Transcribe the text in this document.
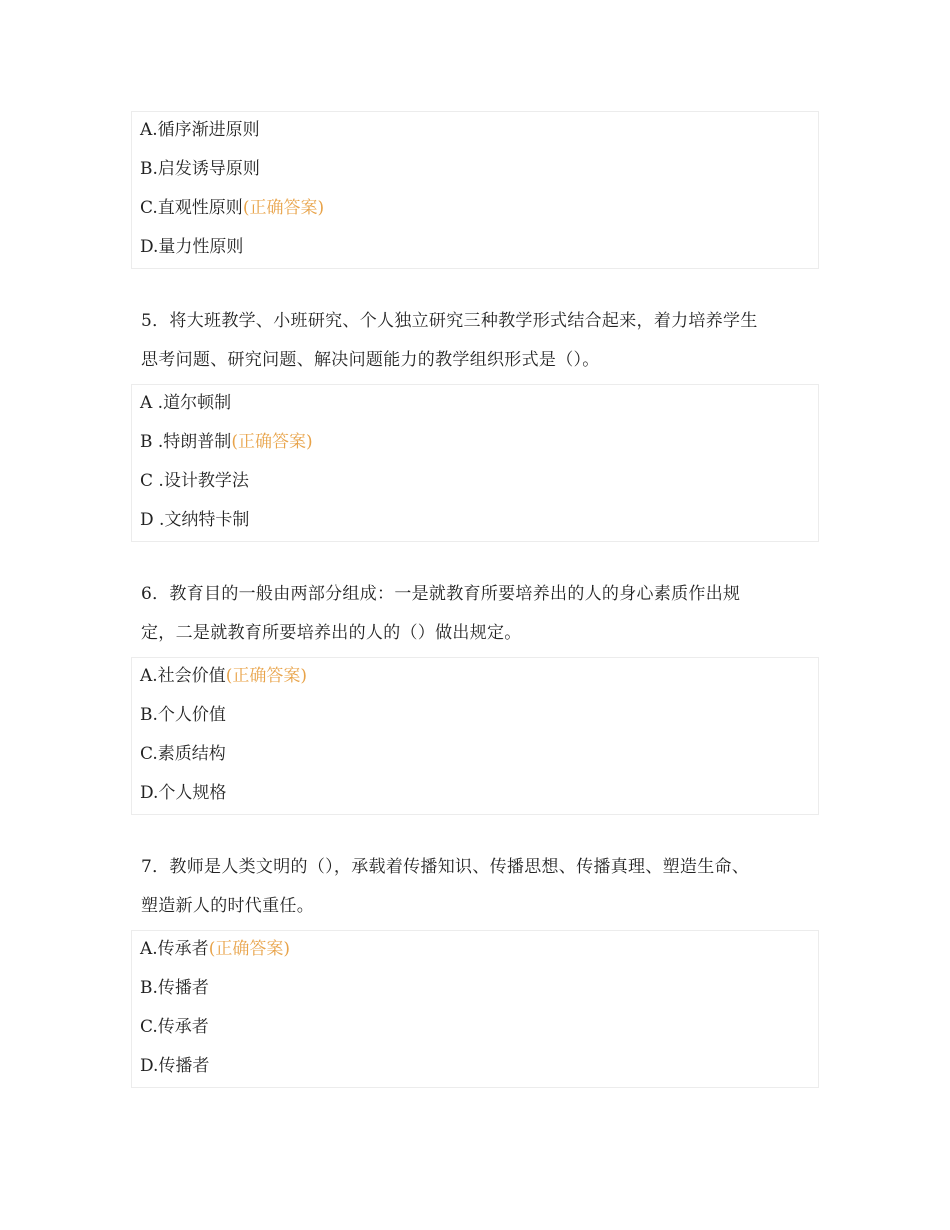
A.循序渐进原则
B.启发诱导原则
C.直观性原则(正确答案)
D.量力性原则
5．将大班教学、小班研究、个人独立研究三种教学形式结合起来，着力培养学生
思考问题、研究问题、解决问题能力的教学组织形式是（）。
A .道尔顿制
B .特朗普制(正确答案)
C .设计教学法
D .文纳特卡制
6．教育目的一般由两部分组成：一是就教育所要培养出的人的身心素质作出规
定，二是就教育所要培养出的人的（）做出规定。
A.社会价值(正确答案)
B.个人价值
C.素质结构
D.个人规格
7．教师是人类文明的（），承载着传播知识、传播思想、传播真理、塑造生命、
塑造新人的时代重任。
A.传承者(正确答案)
B.传播者
C.传承者
D.传播者
